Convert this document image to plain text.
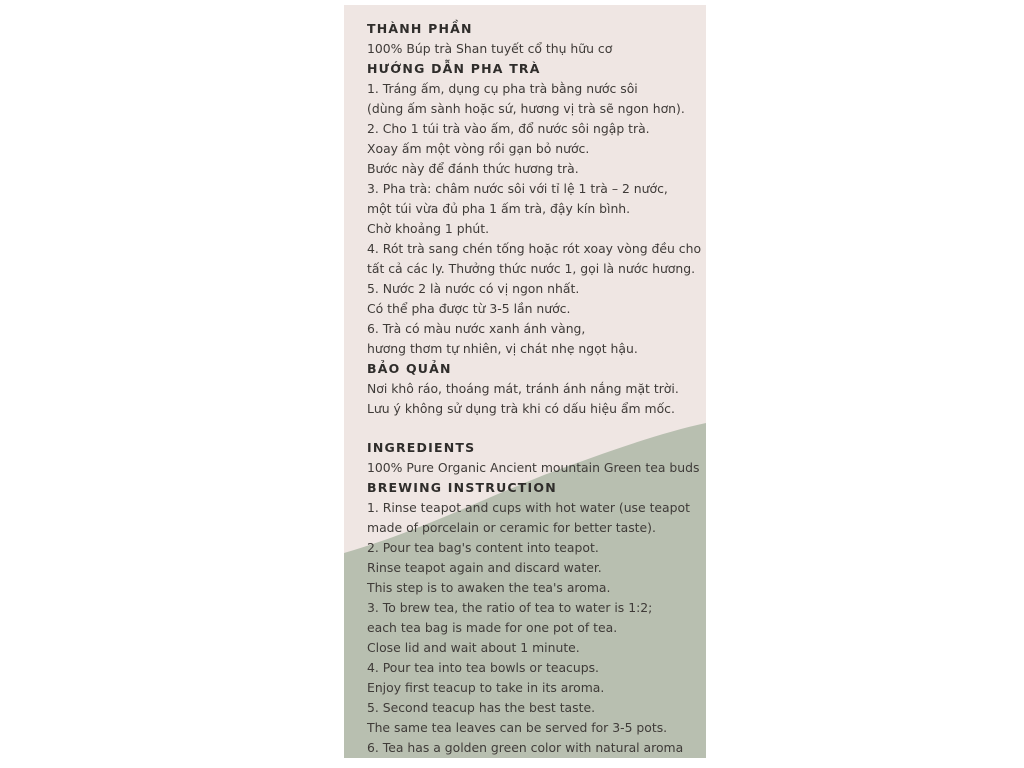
THÀNH PHẦN
100% Búp trà Shan tuyết cổ thụ hữu cơ
HƯỚNG DẪN PHA TRÀ
1. Tráng ấm, dụng cụ pha trà bằng nước sôi
(dùng ấm sành hoặc sứ, hương vị trà sẽ ngon hơn).
2. Cho 1 túi trà vào ấm, đổ nước sôi ngập trà.
Xoay ấm một vòng rồi gạn bỏ nước.
Bước này để đánh thức hương trà.
3. Pha trà: châm nước sôi với tỉ lệ 1 trà – 2 nước,
một túi vừa đủ pha 1 ấm trà, đậy kín bình.
Chờ khoảng 1 phút.
4. Rót trà sang chén tống hoặc rót xoay vòng đều cho
tất cả các ly. Thưởng thức nước 1, gọi là nước hương.
5. Nước 2 là nước có vị ngon nhất.
Có thể pha được từ 3-5 lần nước.
6. Trà có màu nước xanh ánh vàng,
hương thơm tự nhiên, vị chát nhẹ ngọt hậu.
BẢO QUẢN
Nơi khô ráo, thoáng mát, tránh ánh nắng mặt trời.
Lưu ý không sử dụng trà khi có dấu hiệu ẩm mốc.
INGREDIENTS
100% Pure Organic Ancient mountain Green tea buds
BREWING INSTRUCTION
1. Rinse teapot and cups with hot water (use teapot
made of porcelain or ceramic for better taste).
2. Pour tea bag's content into teapot.
Rinse teapot again and discard water.
This step is to awaken the tea's aroma.
3. To brew tea, the ratio of tea to water is 1:2;
each tea bag is made for one pot of tea.
Close lid and wait about 1 minute.
4. Pour tea into tea bowls or teacups.
Enjoy first teacup to take in its aroma.
5. Second teacup has the best taste.
The same tea leaves can be served for 3-5 pots.
6. Tea has a golden green color with natural aroma
